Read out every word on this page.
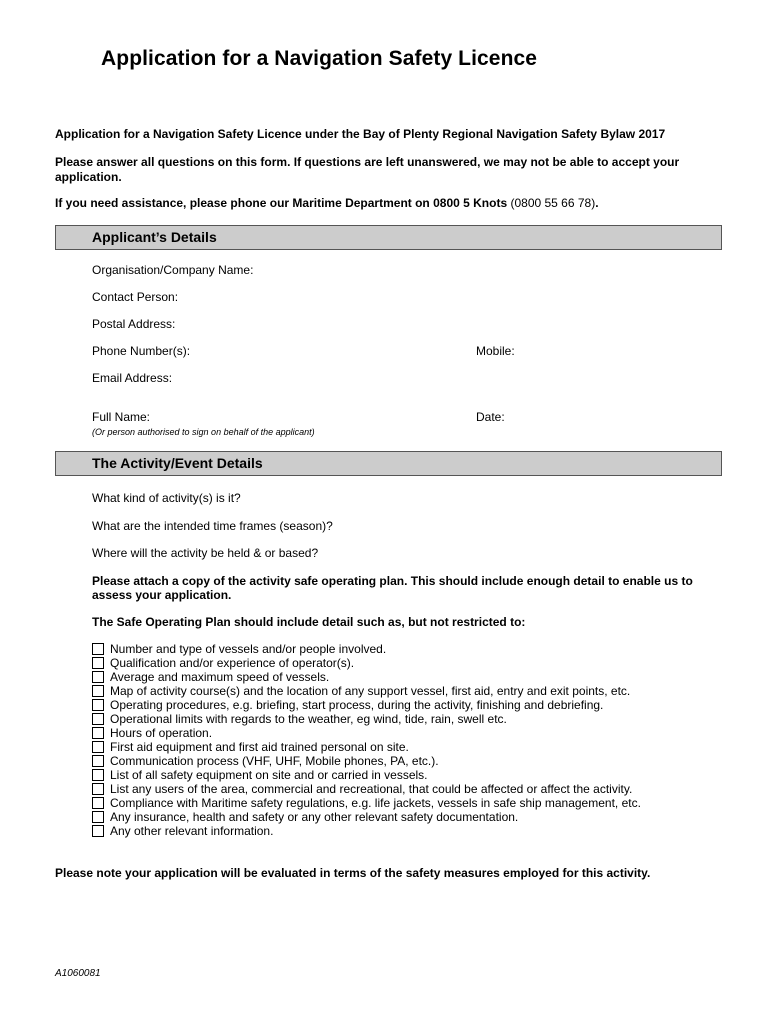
Application for a Navigation Safety Licence
Application for a Navigation Safety Licence under the Bay of Plenty Regional Navigation Safety Bylaw 2017
Please answer all questions on this form. If questions are left unanswered, we may not be able to accept your application.
If you need assistance, please phone our Maritime Department on 0800 5 Knots (0800 55 66 78).
Applicant’s Details
Organisation/Company Name:
Contact Person:
Postal Address:
Phone Number(s):	Mobile:
Email Address:
Full Name:	Date:
(Or person authorised to sign on behalf of the applicant)
The Activity/Event Details
What kind of activity(s) is it?
What are the intended time frames (season)?
Where will the activity be held & or based?
Please attach a copy of the activity safe operating plan. This should include enough detail to enable us to assess your application.
The Safe Operating Plan should include detail such as, but not restricted to:
Number and type of vessels and/or people involved.
Qualification and/or experience of operator(s).
Average and maximum speed of vessels.
Map of activity course(s) and the location of any support vessel, first aid, entry and exit points, etc.
Operating procedures, e.g. briefing, start process, during the activity, finishing and debriefing.
Operational limits with regards to the weather, eg wind, tide, rain, swell etc.
Hours of operation.
First aid equipment and first aid trained personal on site.
Communication process (VHF, UHF, Mobile phones, PA, etc.).
List of all safety equipment on site and or carried in vessels.
List any users of the area, commercial and recreational, that could be affected or affect the activity.
Compliance with Maritime safety regulations, e.g. life jackets, vessels in safe ship management, etc.
Any insurance, health and safety or any other relevant safety documentation.
Any other relevant information.
Please note your application will be evaluated in terms of the safety measures employed for this activity.
A1060081
